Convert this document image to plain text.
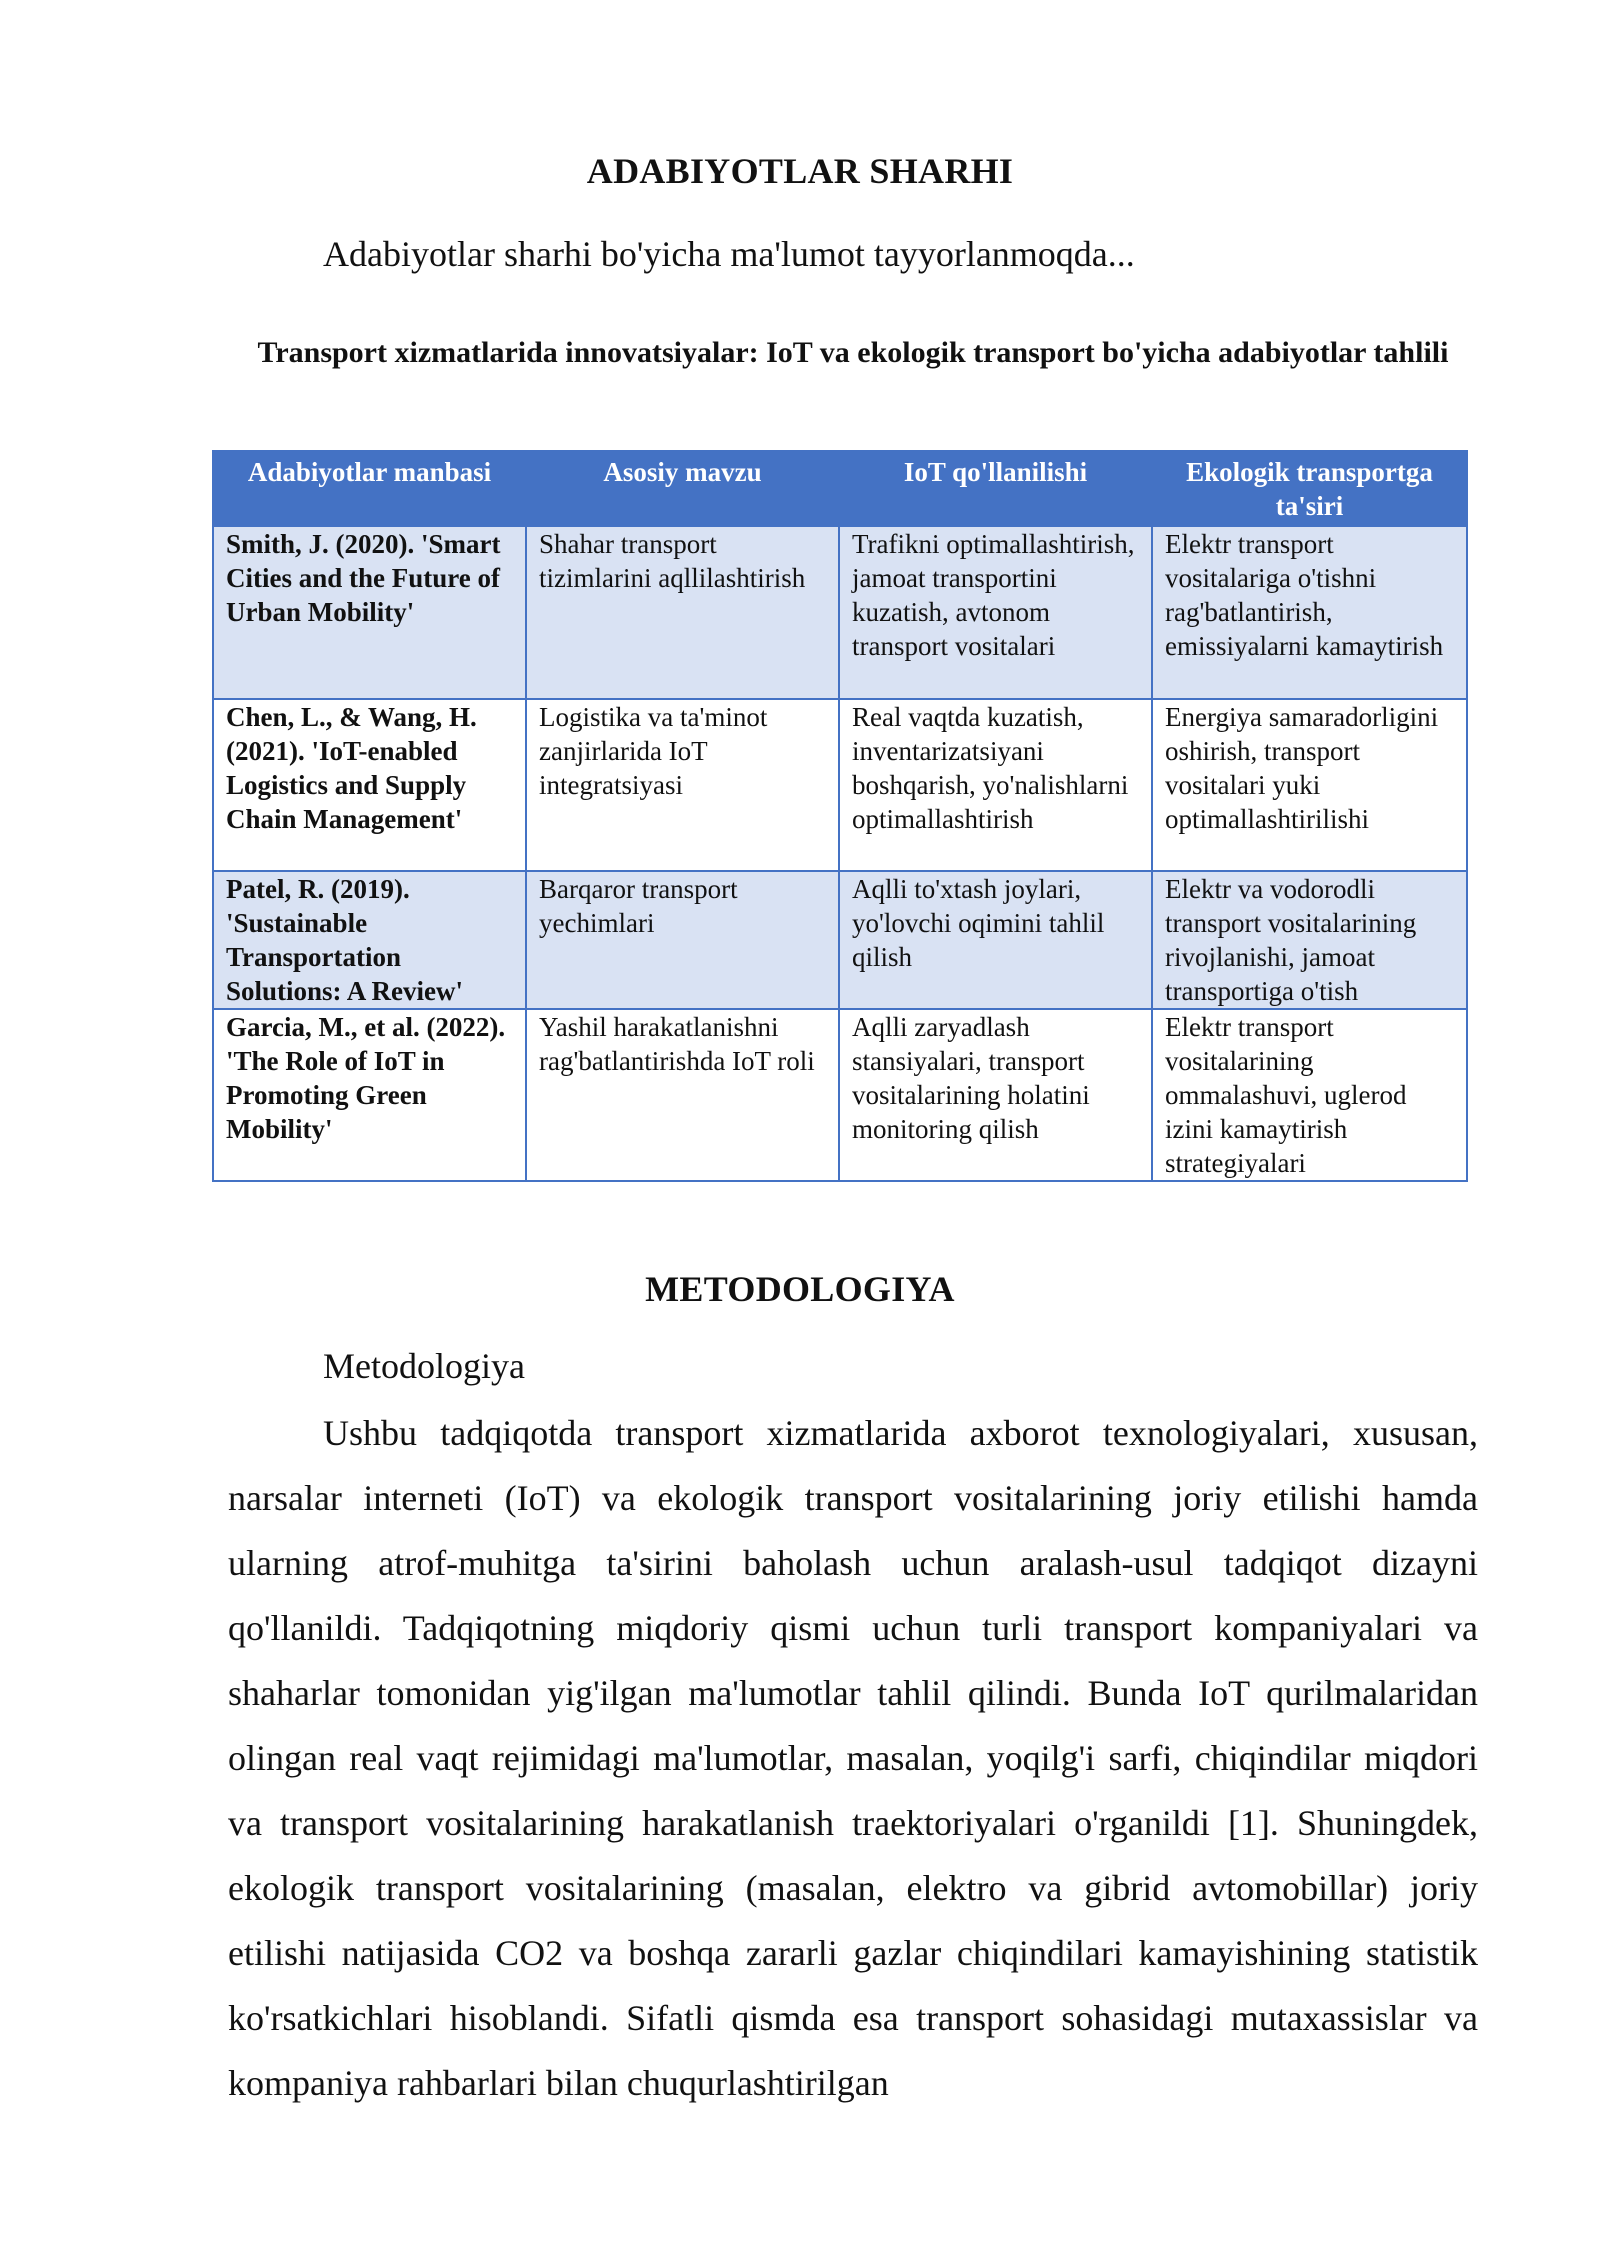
ADABIYOTLAR SHARHI
Adabiyotlar sharhi bo'yicha ma'lumot tayyorlanmoqda...
Transport xizmatlarida innovatsiyalar: IoT va ekologik transport bo'yicha adabiyotlar tahlili
Adabiyotlar manbasi	Asosiy mavzu	IoT qo'llanilishi	Ekologik transportga ta'siri
Smith, J. (2020). 'Smart Cities and the Future of Urban Mobility'	Shahar transport tizimlarini aqllilashtirish	Trafikni optimallashtirish, jamoat transportini kuzatish, avtonom transport vositalari	Elektr transport vositalariga o'tishni rag'batlantirish, emissiyalarni kamaytirish
Chen, L., & Wang, H. (2021). 'IoT-enabled Logistics and Supply Chain Management'	Logistika va ta'minot zanjirlarida IoT integratsiyasi	Real vaqtda kuzatish, inventarizatsiyani boshqarish, yo'nalishlarni optimallashtirish	Energiya samaradorligini oshirish, transport vositalari yuki optimallashtirilishi
Patel, R. (2019). 'Sustainable Transportation Solutions: A Review'	Barqaror transport yechimlari	Aqlli to'xtash joylari, yo'lovchi oqimini tahlil qilish	Elektr va vodorodli transport vositalarining rivojlanishi, jamoat transportiga o'tish
Garcia, M., et al. (2022). 'The Role of IoT in Promoting Green Mobility'	Yashil harakatlanishni rag'batlantirishda IoT roli	Aqlli zaryadlash stansiyalari, transport vositalarining holatini monitoring qilish	Elektr transport vositalarining ommalashuvi, uglerod izini kamaytirish strategiyalari
METODOLOGIYA
Metodologiya

Ushbu tadqiqotda transport xizmatlarida axborot texnologiyalari, xususan, narsalar interneti (IoT) va ekologik transport vositalarining joriy etilishi hamda ularning atrof-muhitga ta'sirini baholash uchun aralash-usul tadqiqot dizayni qo'llanildi. Tadqiqotning miqdoriy qismi uchun turli transport kompaniyalari va shaharlar tomonidan yig'ilgan ma'lumotlar tahlil qilindi. Bunda IoT qurilmalaridan olingan real vaqt rejimidagi ma'lumotlar, masalan, yoqilg'i sarfi, chiqindilar miqdori va transport vositalarining harakatlanish traektoriyalari o'rganildi [1]. Shuningdek, ekologik transport vositalarining (masalan, elektro va gibrid avtomobillar) joriy etilishi natijasida CO2 va boshqa zararli gazlar chiqindilari kamayishining statistik ko'rsatkichlari hisoblandi. Sifatli qismda esa transport sohasidagi mutaxassislar va kompaniya rahbarlari bilan chuqurlashtirilgan
